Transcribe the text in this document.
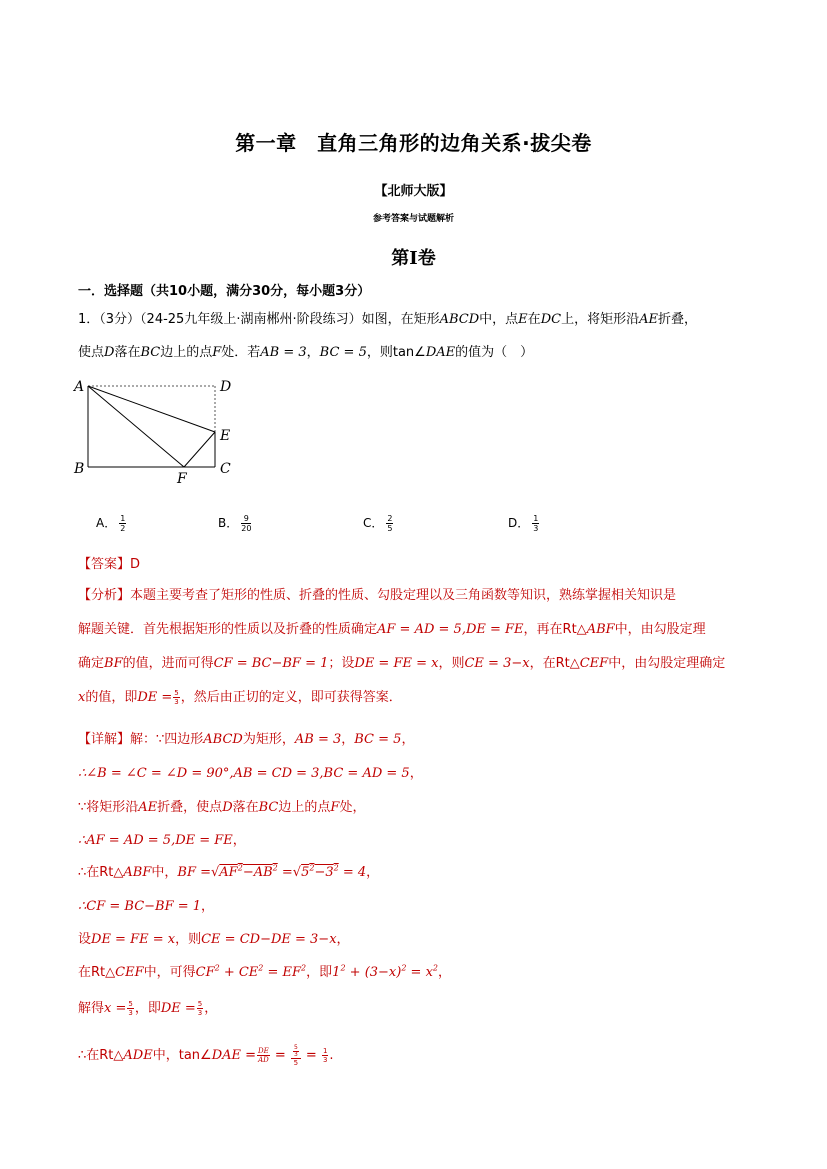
第一章　直角三角形的边角关系·拔尖卷
【北师大版】
参考答案与试题解析
第Ⅰ卷
一．选择题（共10小题，满分30分，每小题3分）
1．（3分）（24-25九年级上·湖南郴州·阶段练习）如图，在矩形ABCD中，点E在DC上，将矩形沿AE折叠，
使点D落在BC边上的点F处．若AB = 3，BC = 5，则tan∠DAE的值为（　）
A	D
E
B	C
F
A． $\frac{1}{2}$	B． $\frac{9}{20}$	C． $\frac{2}{5}$	D． $\frac{1}{3}$
【答案】D
【分析】本题主要考查了矩形的性质、折叠的性质、勾股定理以及三角函数等知识，熟练掌握相关知识是
解题关键．首先根据矩形的性质以及折叠的性质确定AF = AD = 5,DE = FE，再在Rt△ABF中，由勾股定理
确定BF的值，进而可得CF = BC−BF = 1；设DE = FE = x，则CE = 3−x，在Rt△CEF中，由勾股定理确定
x的值，即DE = $\frac{5}{3}$ ，然后由正切的定义，即可获得答案．
【详解】解：∵四边形ABCD为矩形，AB = 3，BC = 5，
∴∠B = ∠C = ∠D = 90°,AB = CD = 3,BC = AD = 5，
∵将矩形沿AE折叠，使点D落在BC边上的点F处，
∴AF = AD = 5,DE = FE，
∴在Rt△ABF中，BF $=√AF^2-AB^2 =√5^2-3^2 = 4$，
∴CF = BC−BF = 1，
设DE = FE = x，则CE = CD−DE = 3−x，
在Rt△CEF中，可得$CF^2 + CE^2 = EF^2$，即$1^2 + (3-x)^2 = x^2$，
解得$x = \frac{5}{3}$ ，即DE = $\frac{5}{3}$ ，
∴在Rt△ADE中，tan∠DAE = $\frac{DE}{AD} = \frac{\frac{5}{3}}{5} = \frac{1}{3}$ .
